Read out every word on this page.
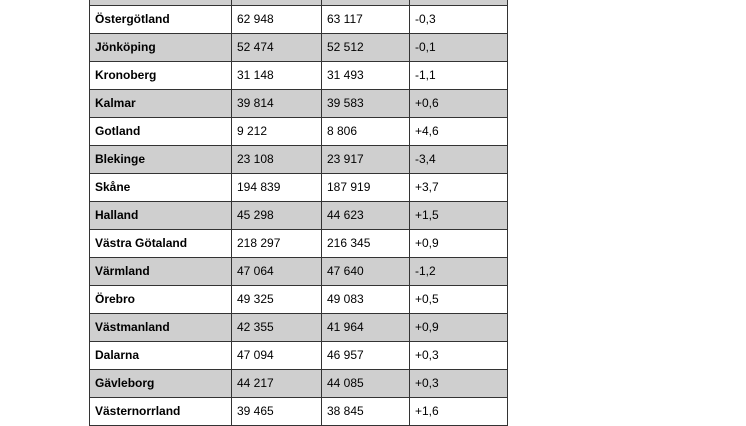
Östergötland	62 948	63 117	-0,3
Jönköping	52 474	52 512	-0,1
Kronoberg	31 148	31 493	-1,1
Kalmar	39 814	39 583	+0,6
Gotland	9 212	8 806	+4,6
Blekinge	23 108	23 917	-3,4
Skåne	194 839	187 919	+3,7
Halland	45 298	44 623	+1,5
Västra Götaland	218 297	216 345	+0,9
Värmland	47 064	47 640	-1,2
Örebro	49 325	49 083	+0,5
Västmanland	42 355	41 964	+0,9
Dalarna	47 094	46 957	+0,3
Gävleborg	44 217	44 085	+0,3
Västernorrland	39 465	38 845	+1,6
